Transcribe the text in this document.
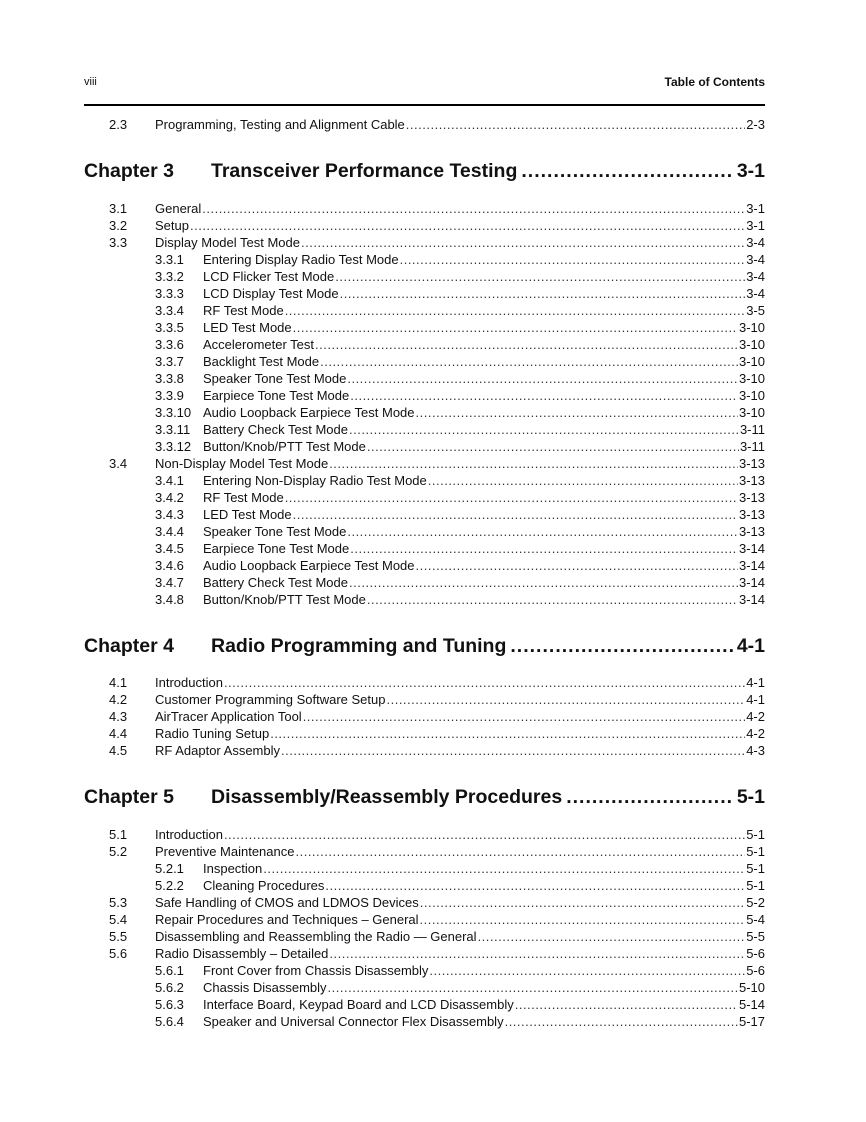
viii	Table of Contents
2.3 Programming, Testing and Alignment Cable .....	2-3
Chapter 3	Transceiver Performance Testing .....	3-1
3.1 General .....	3-1
3.2 Setup .....	3-1
3.3 Display Model Test Mode .....	3-4
3.3.1 Entering Display Radio Test Mode .....	3-4
3.3.2 LCD Flicker Test Mode .....	3-4
3.3.3 LCD Display Test Mode .....	3-4
3.3.4 RF Test Mode .....	3-5
3.3.5 LED Test Mode .....	3-10
3.3.6 Accelerometer Test .....	3-10
3.3.7 Backlight Test Mode .....	3-10
3.3.8 Speaker Tone Test Mode .....	3-10
3.3.9 Earpiece Tone Test Mode .....	3-10
3.3.10 Audio Loopback Earpiece Test Mode .....	3-10
3.3.11 Battery Check Test Mode .....	3-11
3.3.12 Button/Knob/PTT Test Mode .....	3-11
3.4 Non-Display Model Test Mode .....	3-13
3.4.1 Entering Non-Display Radio Test Mode .....	3-13
3.4.2 RF Test Mode .....	3-13
3.4.3 LED Test Mode .....	3-13
3.4.4 Speaker Tone Test Mode .....	3-13
3.4.5 Earpiece Tone Test Mode .....	3-14
3.4.6 Audio Loopback Earpiece Test Mode .....	3-14
3.4.7 Battery Check Test Mode .....	3-14
3.4.8 Button/Knob/PTT Test Mode .....	3-14
Chapter 4	Radio Programming and Tuning .....	4-1
4.1 Introduction .....	4-1
4.2 Customer Programming Software Setup .....	4-1
4.3 AirTracer Application Tool .....	4-2
4.4 Radio Tuning Setup .....	4-2
4.5 RF Adaptor Assembly .....	4-3
Chapter 5	Disassembly/Reassembly Procedures .....	5-1
5.1 Introduction .....	5-1
5.2 Preventive Maintenance .....	5-1
5.2.1 Inspection .....	5-1
5.2.2 Cleaning Procedures .....	5-1
5.3 Safe Handling of CMOS and LDMOS Devices .....	5-2
5.4 Repair Procedures and Techniques – General .....	5-4
5.5 Disassembling and Reassembling the Radio — General .....	5-5
5.6 Radio Disassembly – Detailed .....	5-6
5.6.1 Front Cover from Chassis Disassembly .....	5-6
5.6.2 Chassis Disassembly .....	5-10
5.6.3 Interface Board, Keypad Board and LCD Disassembly .....	5-14
5.6.4 Speaker and Universal Connector Flex Disassembly .....	5-17
